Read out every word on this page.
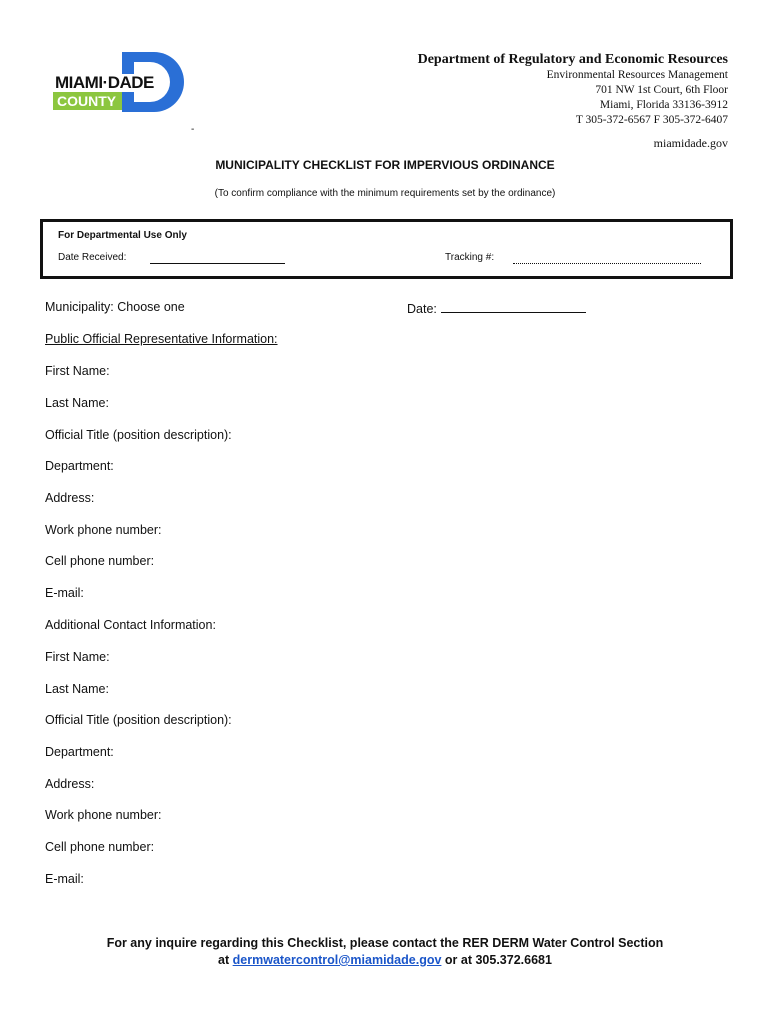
MIAMI·DADE
COUNTY
Department of Regulatory and Economic Resources
Environmental Resources Management
701 NW 1st Court, 6th Floor
Miami, Florida 33136-3912
T 305-372-6567 F 305-372-6407
miamidade.gov
-
MUNICIPALITY CHECKLIST FOR IMPERVIOUS ORDINANCE
(To confirm compliance with the minimum requirements set by the ordinance)
For Departmental Use Only
Date Received:	Tracking #:
Municipality: Choose one	Date:
Public Official Representative Information:
First Name:
Last Name:
Official Title (position description):
Department:
Address:
Work phone number:
Cell phone number:
E-mail:
Additional Contact Information:
First Name:
Last Name:
Official Title (position description):
Department:
Address:
Work phone number:
Cell phone number:
E-mail:
For any inquire regarding this Checklist, please contact the RER DERM Water Control Section
at dermwatercontrol@miamidade.gov or at 305.372.6681
